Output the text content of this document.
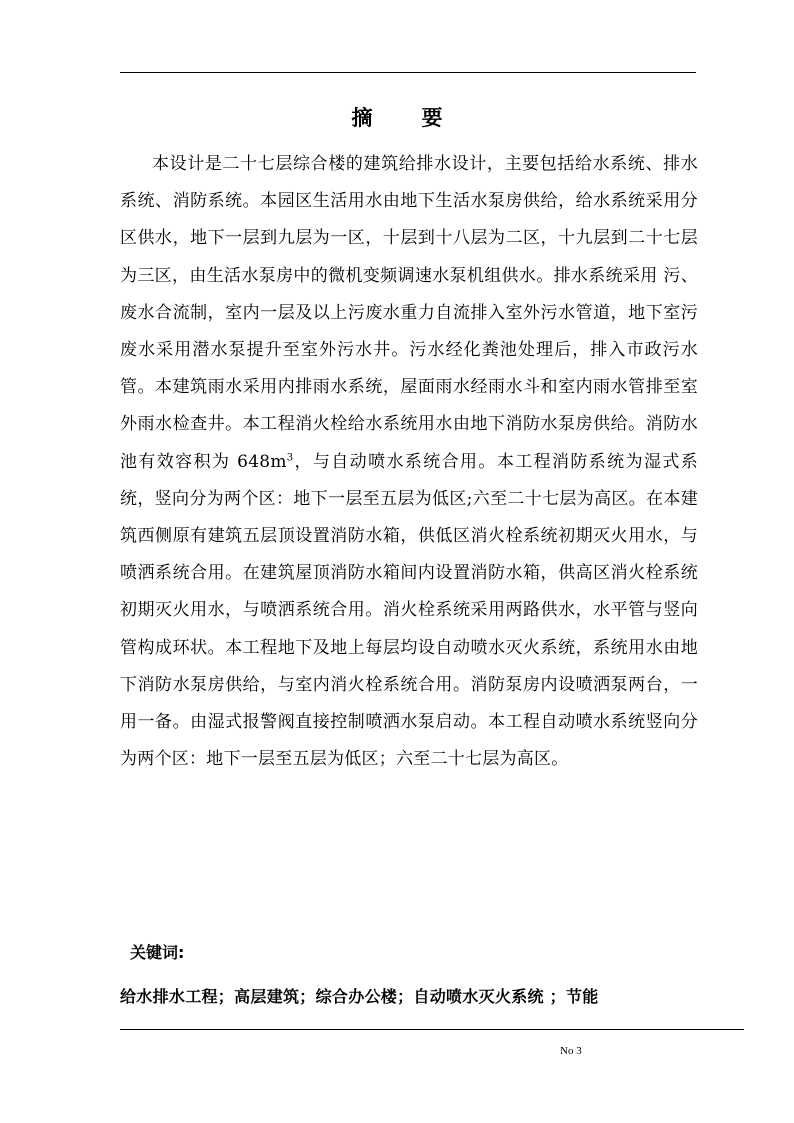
摘　要

本设计是二十七层综合楼的建筑给排水设计，主要包括给水系统、排水系统、消防系统。本园区生活用水由地下生活水泵房供给，给水系统采用分区供水，地下一层到九层为一区，十层到十八层为二区，十九层到二十七层为三区，由生活水泵房中的微机变频调速水泵机组供水。排水系统采用 污、废水合流制，室内一层及以上污废水重力自流排入室外污水管道，地下室污废水采用潜水泵提升至室外污水井。污水经化粪池处理后，排入市政污水管。本建筑雨水采用内排雨水系统，屋面雨水经雨水斗和室内雨水管排至室外雨水检查井。本工程消火栓给水系统用水由地下消防水泵房供给。消防水池有效容积为 $648m^3$，与自动喷水系统合用。本工程消防系统为湿式系统，竖向分为两个区：地下一层至五层为低区;六至二十七层为高区。在本建筑西侧原有建筑五层顶设置消防水箱，供低区消火栓系统初期灭火用水，与喷洒系统合用。在建筑屋顶消防水箱间内设置消防水箱，供高区消火栓系统初期灭火用水，与喷洒系统合用。消火栓系统采用两路供水，水平管与竖向管构成环状。本工程地下及地上每层均设自动喷水灭火系统，系统用水由地下消防水泵房供给，与室内消火栓系统合用。消防泵房内设喷洒泵两台，一用一备。由湿式报警阀直接控制喷洒水泵启动。本工程自动喷水系统竖向分为两个区：地下一层至五层为低区；六至二十七层为高区。

关键词:
给水排水工程；高层建筑；综合办公楼；自动喷水灭火系统 ；节能
No 3
